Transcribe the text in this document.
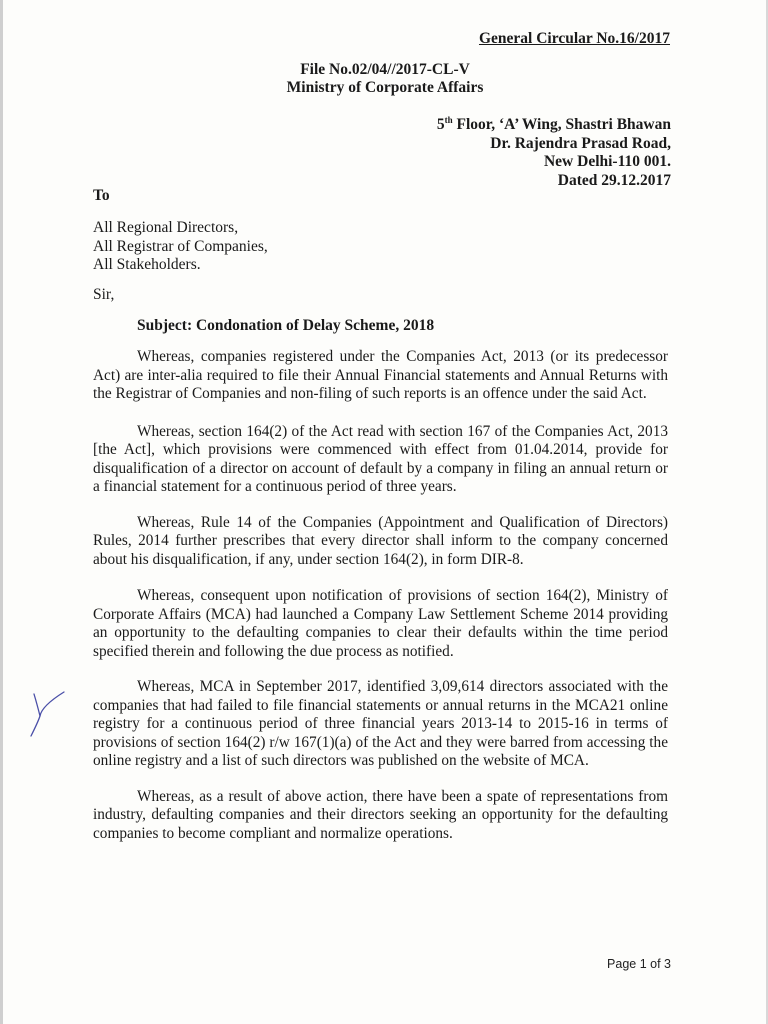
General Circular No.16/2017
File No.02/04//2017-CL-V
Ministry of Corporate Affairs
5th Floor, ‘A’ Wing, Shastri Bhawan
Dr. Rajendra Prasad Road,
New Delhi-110 001.
Dated 29.12.2017
To
All Regional Directors,
All Registrar of Companies,
All Stakeholders.
Sir,
Subject: Condonation of Delay Scheme, 2018

Whereas, companies registered under the Companies Act, 2013 (or its predecessor Act) are inter-alia required to file their Annual Financial statements and Annual Returns with the Registrar of Companies and non-filing of such reports is an offence under the said Act.

Whereas, section 164(2) of the Act read with section 167 of the Companies Act, 2013 [the Act], which provisions were commenced with effect from 01.04.2014, provide for disqualification of a director on account of default by a company in filing an annual return or a financial statement for a continuous period of three years.

Whereas, Rule 14 of the Companies (Appointment and Qualification of Directors) Rules, 2014 further prescribes that every director shall inform to the company concerned about his disqualification, if any, under section 164(2), in form DIR-8.

Whereas, consequent upon notification of provisions of section 164(2), Ministry of Corporate Affairs (MCA) had launched a Company Law Settlement Scheme 2014 providing an opportunity to the defaulting companies to clear their defaults within the time period specified therein and following the due process as notified.

Whereas, MCA in September 2017, identified 3,09,614 directors associated with the companies that had failed to file financial statements or annual returns in the MCA21 online registry for a continuous period of three financial years 2013-14 to 2015-16 in terms of provisions of section 164(2) r/w 167(1)(a) of the Act and they were barred from accessing the online registry and a list of such directors was published on the website of MCA.

Whereas, as a result of above action, there have been a spate of representations from industry, defaulting companies and their directors seeking an opportunity for the defaulting companies to become compliant and normalize operations.

Page 1 of 3
